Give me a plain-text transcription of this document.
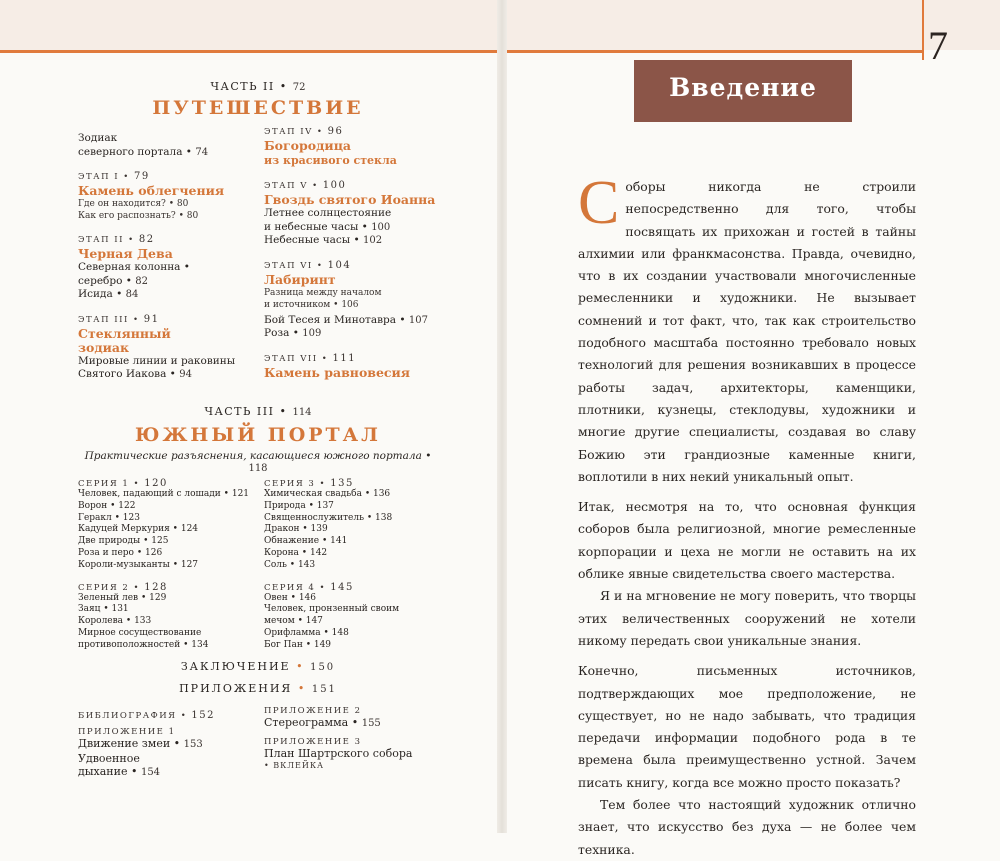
7
ЧАСТЬ II • 72
ПУТЕШЕСТВИЕ
Зодиак
северного портала • 74
ЭТАП I • 79
Камень облегчения
Где он находится? • 80
Как его распознать? • 80
ЭТАП II • 82
Черная Дева
Северная колонна •
серебро • 82
Исида • 84
ЭТАП III • 91
Стеклянный
зодиак
Мировые линии и раковины
Святого Иакова • 94
ЭТАП IV • 96
Богородица
из красивого стекла
ЭТАП V • 100
Гвоздь святого Иоанна
Летнее солнцестояние
и небесные часы • 100
Небесные часы • 102
ЭТАП VI • 104
Лабиринт
Разница между началом
и источником • 106
Бой Тесея и Минотавра • 107
Роза • 109
ЭТАП VII • 111
Камень равновесия
ЧАСТЬ III • 114
ЮЖНЫЙ ПОРТАЛ
Практические разъяснения, касающиеся южного портала • 118
СЕРИЯ 1 • 120
Человек, падающий с лошади • 121
Ворон • 122
Геракл • 123
Кадуцей Меркурия • 124
Две природы • 125
Роза и перо • 126
Короли-музыканты • 127
СЕРИЯ 2 • 128
Зеленый лев • 129
Заяц • 131
Королева • 133
Мирное сосуществование
противоположностей • 134
СЕРИЯ 3 • 135
Химическая свадьба • 136
Природа • 137
Священнослужитель • 138
Дракон • 139
Обнажение • 141
Корона • 142
Соль • 143
СЕРИЯ 4 • 145
Овен • 146
Человек, пронзенный своим
мечом • 147
Орифламма • 148
Бог Пан • 149
ЗАКЛЮЧЕНИЕ • 150
ПРИЛОЖЕНИЯ • 151
БИБЛИОГРАФИЯ • 152
ПРИЛОЖЕНИЕ 1
Движение змеи • 153
Удвоенное
дыхание • 154
ПРИЛОЖЕНИЕ 2
Стереограмма • 155
ПРИЛОЖЕНИЕ 3
План Шартрского собора
• ВКЛЕЙКА
Введение

Соборы никогда не строили непосредственно для того, чтобы посвящать их прихожан и гостей в тайны алхимии или франкмасонства. Правда, очевидно, что в их создании участвовали многочисленные ремесленники и художники. Не вызывает сомнений и тот факт, что, так как строительство подобного масштаба постоянно требовало новых технологий для решения возникавших в процессе работы задач, архитекторы, каменщики, плотники, кузнецы, стеклодувы, художники и многие другие специалисты, создавая во славу Божию эти грандиозные каменные книги, воплотили в них некий уникальный опыт.

Итак, несмотря на то, что основная функция соборов была религиозной, многие ремесленные корпорации и цеха не могли не оставить на их облике явные свидетельства своего мастерства.

Я и на мгновение не могу поверить, что творцы этих величественных сооружений не хотели никому передать свои уникальные знания.

Конечно, письменных источников, подтверждающих мое предположение, не существует, но не надо забывать, что традиция передачи информации подобного рода в те времена была преимущественно устной. Зачем писать книгу, когда все можно просто показать?

Тем более что настоящий художник отлично знает, что искусство без духа — не более чем техника.
